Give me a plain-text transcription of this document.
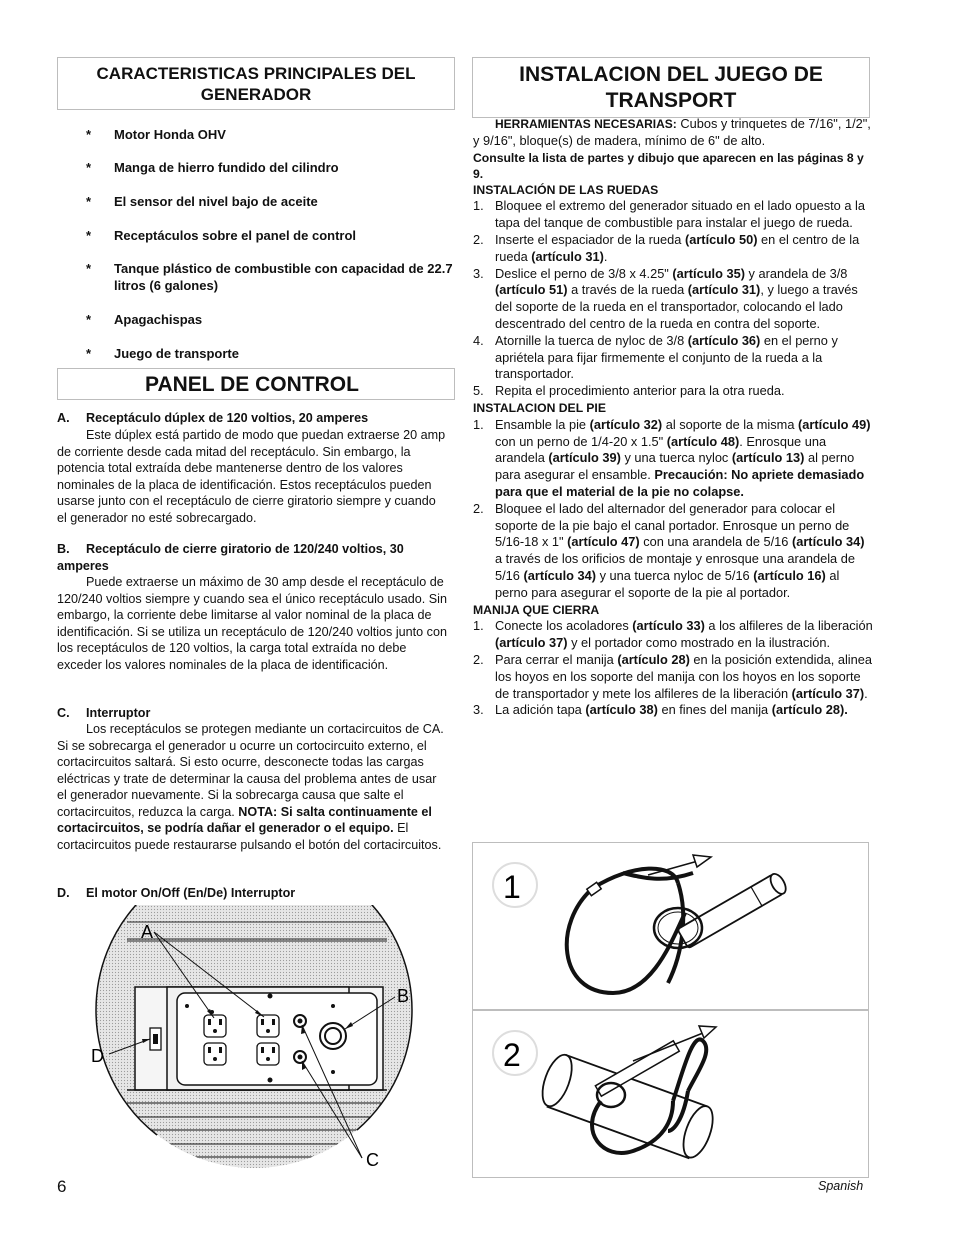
CARACTERISTICAS PRINCIPALES DEL GENERADOR
* Motor Honda OHV
* Manga de hierro fundido del cilindro
* El sensor del nivel bajo de aceite
* Receptáculos sobre el panel de control
* Tanque plástico de combustible con capacidad de 22.7 litros (6 galones)
* Apagachispas
* Juego de transporte
PANEL DE CONTROL
A. Receptáculo dúplex de 120 voltios, 20 amperes
Este dúplex está partido de modo que puedan extraerse 20 amp de corriente desde cada mitad del receptáculo. Sin embargo, la potencia total extraída debe mantenerse dentro de los valores nominales de la placa de identificación. Estos receptáculos pueden usarse junto con el receptáculo de cierre giratorio siempre y cuando el generador no esté sobrecargado.
B. Receptáculo de cierre giratorio de 120/240 voltios, 30 amperes
Puede extraerse un máximo de 30 amp desde el receptáculo de 120/240 voltios siempre y cuando sea el único receptáculo usado. Sin embargo, la corriente debe limitarse al valor nominal de la placa de identificación. Si se utiliza un receptáculo de 120/240 voltios junto con los receptáculos de 120 voltios, la carga total extraída no debe exceder los valores nominales de la placa de identificación.
C. Interruptor
Los receptáculos se protegen mediante un cortacircuitos de CA. Si se sobrecarga el generador u ocurre un cortocircuito externo, el cortacircuitos saltará. Si esto ocurre, desconecte todas las cargas eléctricas y trate de determinar la causa del problema antes de usar el generador nuevamente. Si la sobrecarga causa que salte el cortacircuitos, reduzca la carga. NOTA: Si salta continuamente el cortacircuitos, se podría dañar el generador o el equipo. El cortacircuitos puede restaurarse pulsando el botón del cortacircuitos.
D. El motor On/Off (En/De) Interruptor
A
B
C
D
6
INSTALACION DEL JUEGO DE TRANSPORT
HERRAMIENTAS NECESARIAS: Cubos y trinquetes de 7/16", 1/2", y 9/16", bloque(s) de madera, mínimo de 6" de alto.
Consulte la lista de partes y dibujo que aparecen en las páginas 8 y 9.
INSTALACIÓN DE LAS RUEDAS
1. Bloquee el extremo del generador situado en el lado opuesto a la tapa del tanque de combustible para instalar el juego de rueda.
2. Inserte el espaciador de la rueda (artículo 50) en el centro de la rueda (artículo 31).
3. Deslice el perno de 3/8 x 4.25" (artículo 35) y arandela de 3/8 (artículo 51) a través de la rueda (artículo 31), y luego a través del soporte de la rueda en el transportador, colocando el lado descentrado del centro de la rueda en contra del soporte.
4. Atornille la tuerca de nyloc de 3/8 (artículo 36) en el perno y apriétela para fijar firmemente el conjunto de la rueda a la transportador.
5. Repita el procedimiento anterior para la otra rueda.
INSTALACION DEL PIE
1. Ensamble la pie (artículo 32) al soporte de la misma (artículo 49) con un perno de 1/4-20 x 1.5" (artículo 48). Enrosque una arandela (artículo 39) y una tuerca nyloc (artículo 13) al perno para asegurar el ensamble. Precaución: No apriete demasiado para que el material de la pie no colapse.
2. Bloquee el lado del alternador del generador para colocar el soporte de la pie bajo el canal portador. Enrosque un perno de 5/16-18 x 1" (artículo 47) con una arandela de 5/16 (artículo 34) a través de los orificios de montaje y enrosque una arandela de 5/16 (artículo 34) y una tuerca nyloc de 5/16 (artículo 16) al perno para asegurar el soporte de la pie al portador.
MANIJA QUE CIERRA
1. Conecte los acoladores (artículo 33) a los alfileres de la liberación (artículo 37) y el portador como mostrado en la ilustración.
2. Para cerrar el manija (artículo 28) en la posición extendida, alinea los hoyos en los soporte del manija con los hoyos en los soporte de transportador y mete los alfileres de la liberación (artículo 37).
3. La adición tapa (artículo 38) en fines del manija (artículo 28).
1
2
Spanish
